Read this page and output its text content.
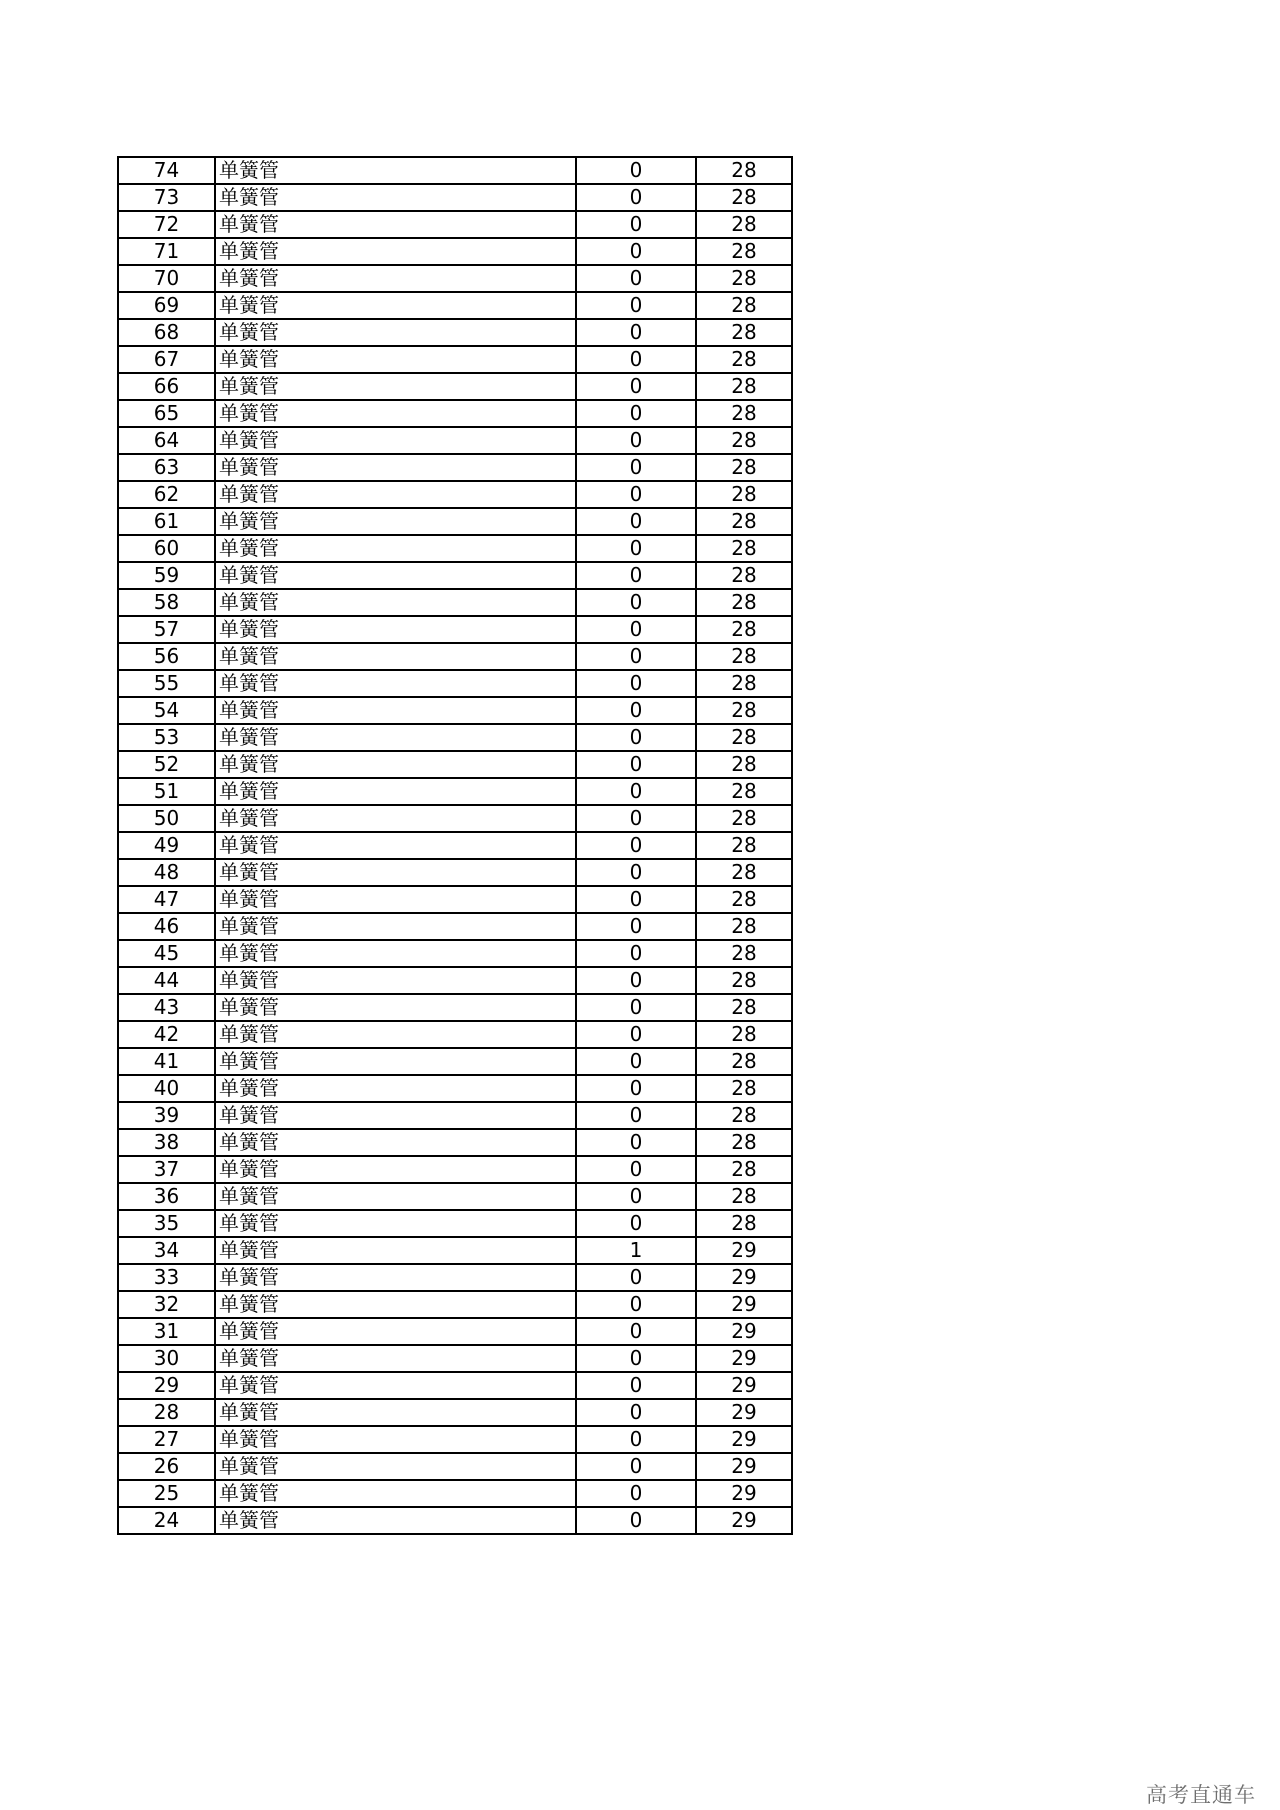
74	单簧管	0	28
73	单簧管	0	28
72	单簧管	0	28
71	单簧管	0	28
70	单簧管	0	28
69	单簧管	0	28
68	单簧管	0	28
67	单簧管	0	28
66	单簧管	0	28
65	单簧管	0	28
64	单簧管	0	28
63	单簧管	0	28
62	单簧管	0	28
61	单簧管	0	28
60	单簧管	0	28
59	单簧管	0	28
58	单簧管	0	28
57	单簧管	0	28
56	单簧管	0	28
55	单簧管	0	28
54	单簧管	0	28
53	单簧管	0	28
52	单簧管	0	28
51	单簧管	0	28
50	单簧管	0	28
49	单簧管	0	28
48	单簧管	0	28
47	单簧管	0	28
46	单簧管	0	28
45	单簧管	0	28
44	单簧管	0	28
43	单簧管	0	28
42	单簧管	0	28
41	单簧管	0	28
40	单簧管	0	28
39	单簧管	0	28
38	单簧管	0	28
37	单簧管	0	28
36	单簧管	0	28
35	单簧管	0	28
34	单簧管	1	29
33	单簧管	0	29
32	单簧管	0	29
31	单簧管	0	29
30	单簧管	0	29
29	单簧管	0	29
28	单簧管	0	29
27	单簧管	0	29
26	单簧管	0	29
25	单簧管	0	29
24	单簧管	0	29
高考直通车
